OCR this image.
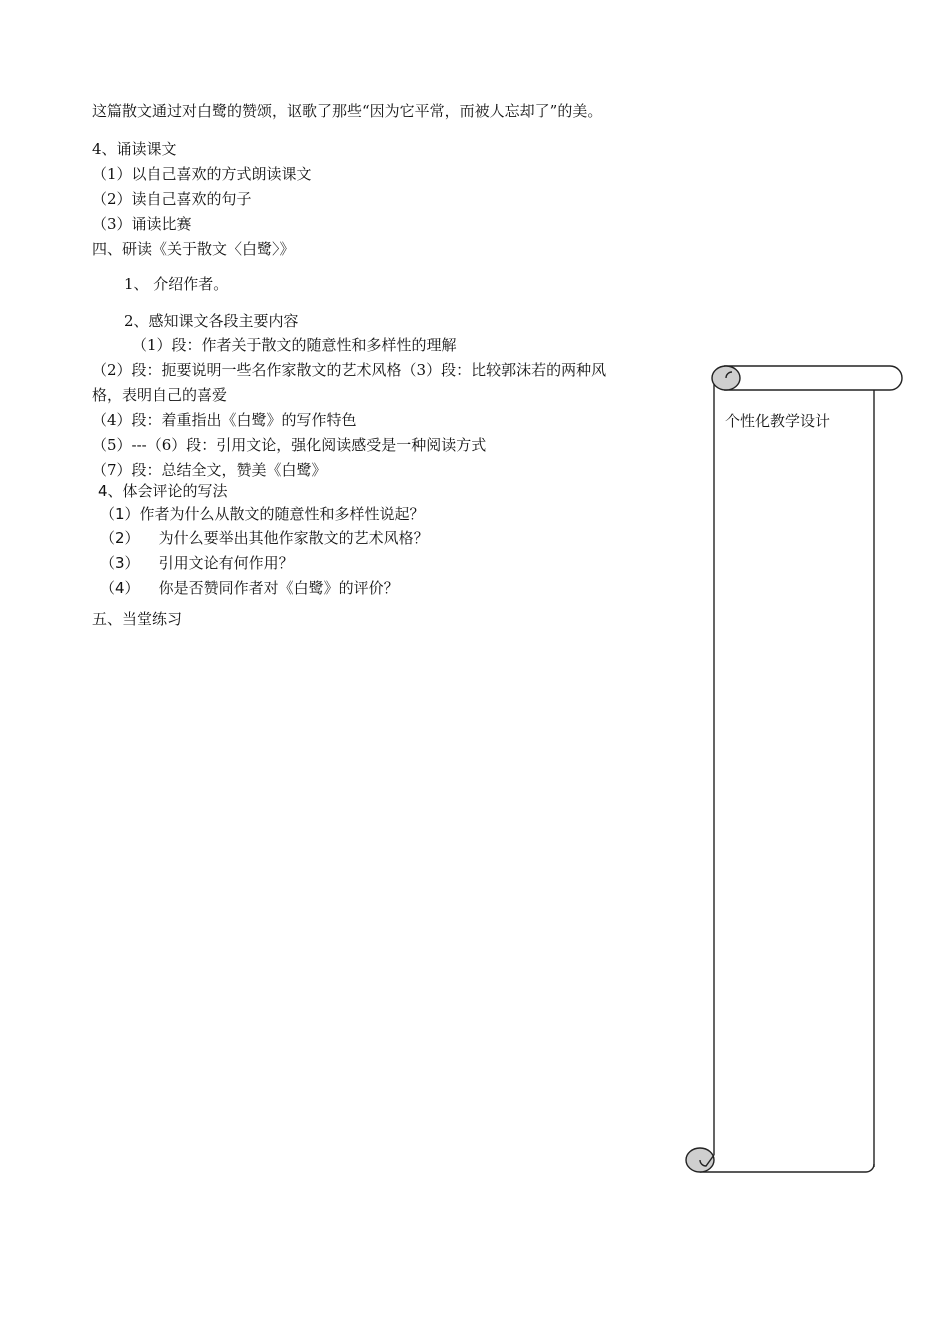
这篇散文通过对白鹭的赞颂，讴歌了那些“因为它平常，而被人忘却了”的美。
4、诵读课文
（1）以自己喜欢的方式朗读课文
（2）读自己喜欢的句子
（3）诵读比赛
四、研读《关于散文〈白鹭〉》
1、 介绍作者。
2、感知课文各段主要内容
（1）段：作者关于散文的随意性和多样性的理解
（2）段：扼要说明一些名作家散文的艺术风格（3）段：比较郭沫若的两种风
格，表明自己的喜爱
（4）段：着重指出《白鹭》的写作特色
（5）---（6）段：引用文论，强化阅读感受是一种阅读方式
（7）段：总结全文，赞美《白鹭》
4、体会评论的写法
（1）作者为什么从散文的随意性和多样性说起？
（2）    为什么要举出其他作家散文的艺术风格？
（3）    引用文论有何作用？
（4）    你是否赞同作者对《白鹭》的评价？
五、当堂练习
个性化教学设计
